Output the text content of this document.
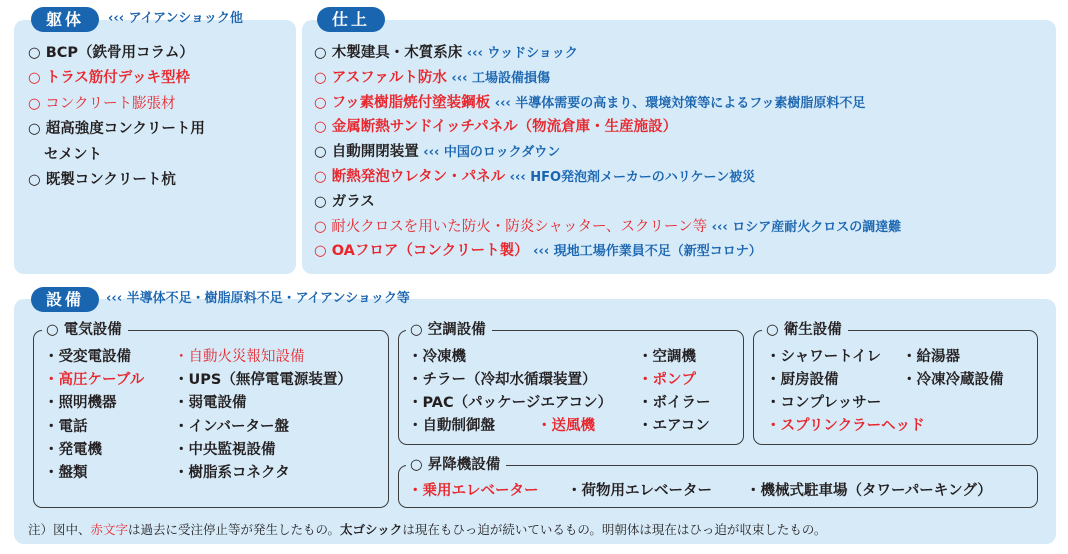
躯体	‹‹‹ アイアンショック他	仕上
設備	‹‹‹ 半導体不足・樹脂原料不足・アイアンショック等
○ 電気設備	○ 空調設備	○ 衛生設備
○ 昇降機設備
注）図中、赤文字は過去に受注停止等が発生したもの。太ゴシックは現在もひっ迫が続いているもの。明朝体は現在はひっ迫が収束したもの。
○ BCP（鉄骨用コラム）
○ トラス筋付デッキ型枠
○ コンクリート膨張材
○ 超高強度コンクリート用
セメント
○ 既製コンクリート杭
○ 木製建具・木質系床 ‹‹‹ ウッドショック
○ アスファルト防水 ‹‹‹ 工場設備損傷
○ フッ素樹脂焼付塗装鋼板 ‹‹‹ 半導体需要の高まり、環境対策等によるフッ素樹脂原料不足
○ 金属断熱サンドイッチパネル（物流倉庫・生産施設）
○ 自動開閉装置 ‹‹‹ 中国のロックダウン
○ 断熱発泡ウレタン・パネル ‹‹‹ HFO発泡剤メーカーのハリケーン被災
○ ガラス
○ 耐火クロスを用いた防火・防炎シャッター、スクリーン等 ‹‹‹ ロシア産耐火クロスの調達難
○ OAフロア（コンクリート製） ‹‹‹ 現地工場作業員不足（新型コロナ）
・受変電設備
・高圧ケーブル
・照明機器
・電話
・発電機
・盤類
・自動火災報知設備
・UPS（無停電電源装置）
・弱電設備
・インバーター盤
・中央監視設備
・樹脂系コネクタ
・冷凍機
・チラー（冷却水循環装置）
・PAC（パッケージエアコン）
・自動制御盤
・空調機
・ポンプ
・ボイラー
・エアコン
・シャワートイレ
・厨房設備
・コンプレッサー
・スプリンクラーヘッド
・給湯器
・冷凍冷蔵設備
・送風機
・乗用エレベーター ・荷物用エレベーター ・機械式駐車場（タワーパーキング）
